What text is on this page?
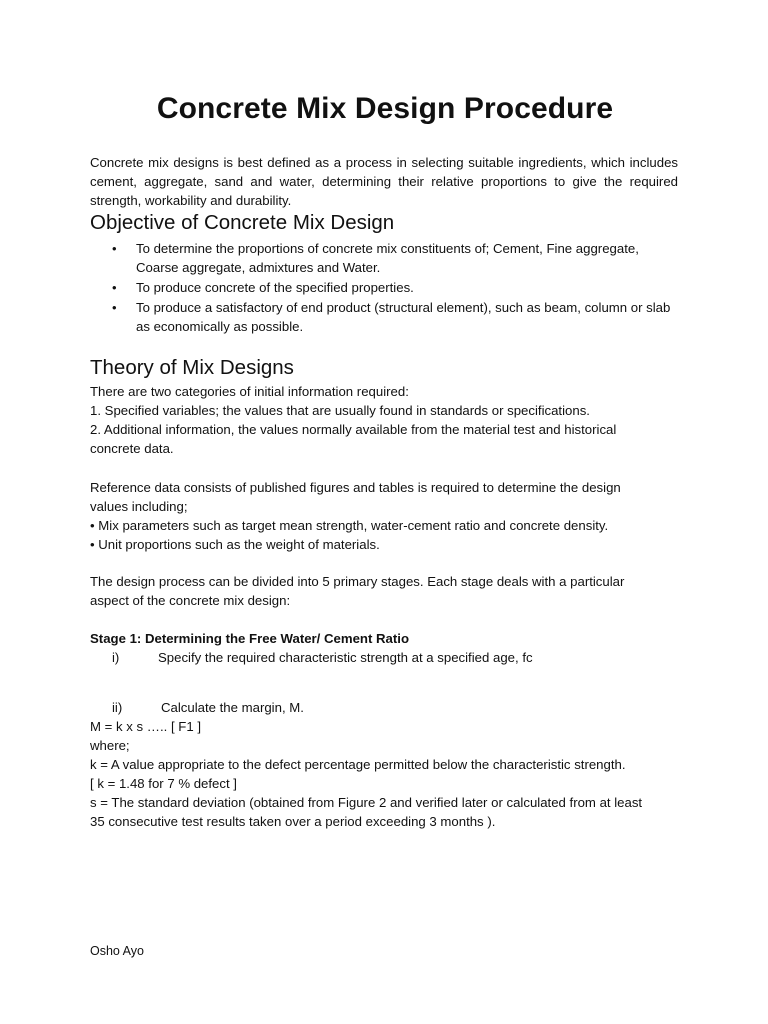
Concrete Mix Design Procedure

Concrete mix designs is best defined as a process in selecting suitable ingredients, which includes cement, aggregate, sand and water, determining their relative proportions to give the required strength, workability and durability.

Objective of Concrete Mix Design
• To determine the proportions of concrete mix constituents of; Cement, Fine aggregate, Coarse aggregate, admixtures and Water.
• To produce concrete of the specified properties.
• To produce a satisfactory of end product (structural element), such as beam, column or slab as economically as possible.
Theory of Mix Designs
There are two categories of initial information required:
1. Specified variables; the values that are usually found in standards or specifications.
2. Additional information, the values normally available from the material test and historical
concrete data.
Reference data consists of published figures and tables is required to determine the design
values including;
• Mix parameters such as target mean strength, water-cement ratio and concrete density.
• Unit proportions such as the weight of materials.
The design process can be divided into 5 primary stages. Each stage deals with a particular
aspect of the concrete mix design:
Stage 1: Determining the Free Water/ Cement Ratio
i)	Specify the required characteristic strength at a specified age, fc
ii)	Calculate the margin, M.
M = k x s ….. [ F1 ]
where;
k = A value appropriate to the defect percentage permitted below the characteristic strength.
[ k = 1.48 for 7 % defect ]
s = The standard deviation (obtained from Figure 2 and verified later or calculated from at least
35 consecutive test results taken over a period exceeding 3 months ).
Osho Ayo
